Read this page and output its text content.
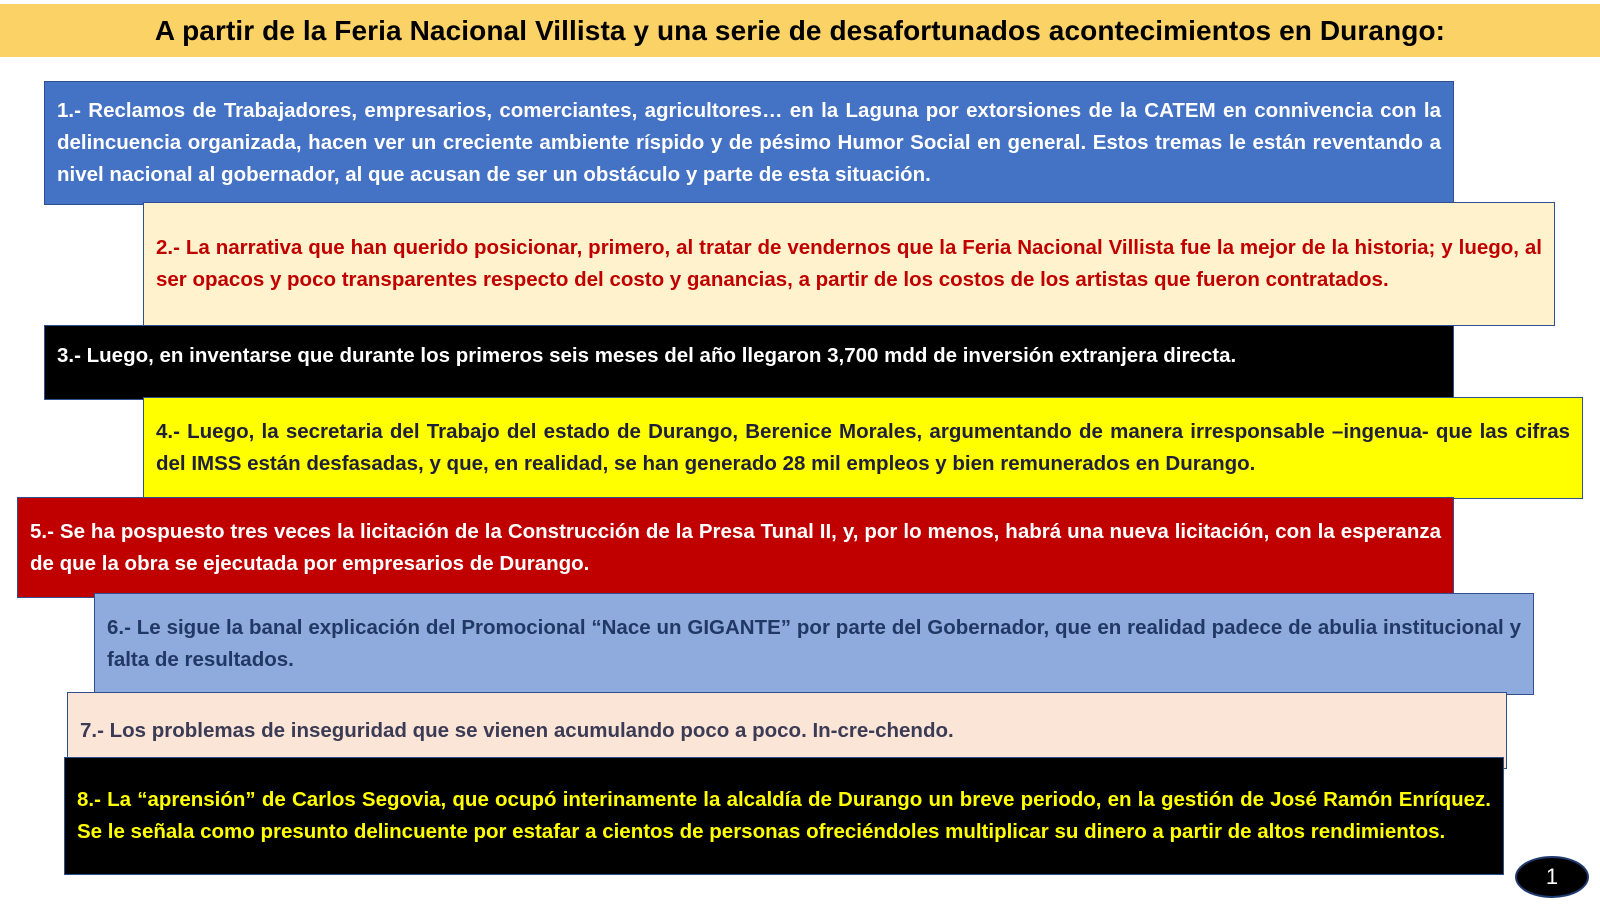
A partir de la Feria Nacional Villista y una serie de desafortunados acontecimientos en Durango:

1.- Reclamos de Trabajadores, empresarios, comerciantes, agricultores… en la Laguna por extorsiones de la CATEM en connivencia con la delincuencia organizada, hacen ver un creciente ambiente ríspido y de pésimo Humor Social en general. Estos tremas le están reventando a nivel nacional al gobernador, al que acusan de ser un obstáculo y parte de esta situación.

2.- La narrativa que han querido posicionar, primero, al tratar de vendernos que la Feria Nacional Villista fue la mejor de la historia; y luego, al ser opacos y poco transparentes respecto del costo y ganancias, a partir de los costos de los artistas que fueron contratados.

3.- Luego, en inventarse que durante los primeros seis meses del año llegaron 3,700 mdd de inversión extranjera directa.

4.- Luego, la secretaria del Trabajo del estado de Durango, Berenice Morales, argumentando de manera irresponsable –ingenua- que las cifras del IMSS están desfasadas, y que, en realidad, se han generado 28 mil empleos y bien remunerados en Durango.

5.- Se ha pospuesto tres veces la licitación de la Construcción de la Presa Tunal II, y, por lo menos, habrá una nueva licitación, con la esperanza de que la obra se ejecutada por empresarios de Durango.

6.- Le sigue la banal explicación del Promocional “Nace un GIGANTE” por parte del Gobernador, que en realidad padece de abulia institucional y falta de resultados.

7.- Los problemas de inseguridad que se vienen acumulando poco a poco. In-cre-chendo.

8.- La “aprensión” de Carlos Segovia, que ocupó interinamente la alcaldía de Durango un breve periodo, en la gestión de José Ramón Enríquez. Se le señala como presunto delincuente por estafar a cientos de personas ofreciéndoles multiplicar su dinero a partir de altos rendimientos.

1
